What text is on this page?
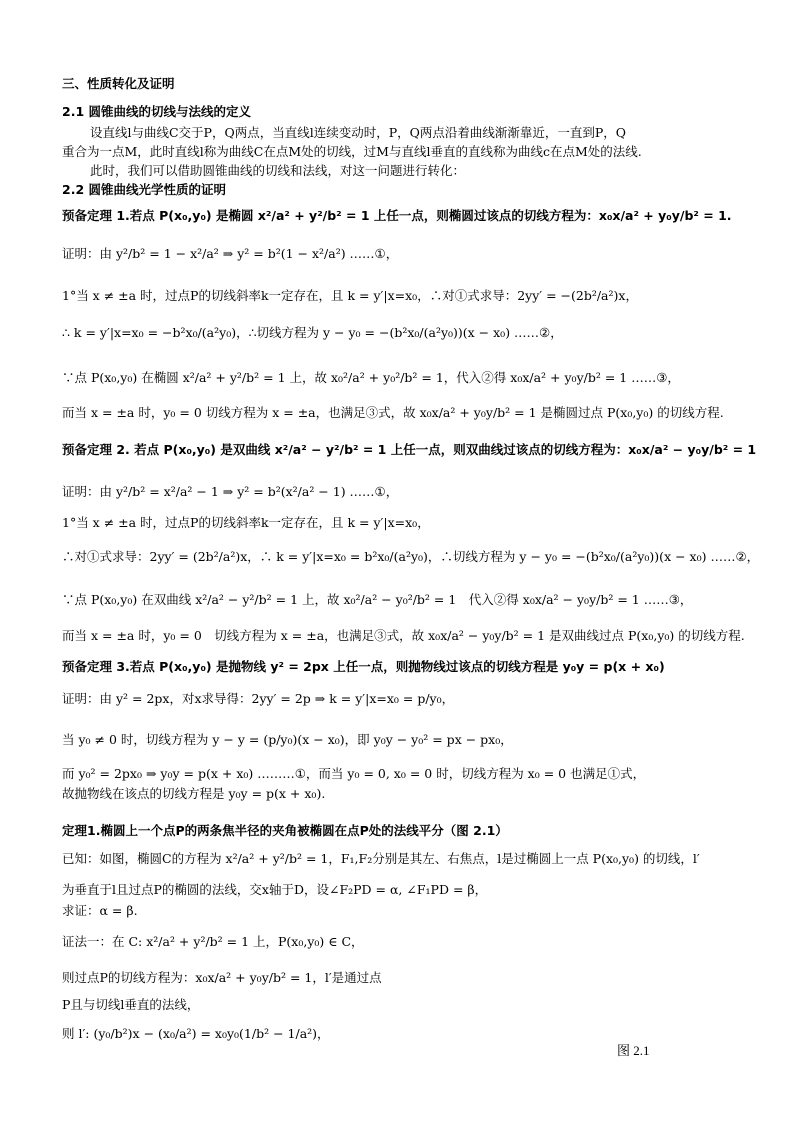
三、性质转化及证明
2.1 圆锥曲线的切线与法线的定义
设直线l与曲线C交于P，Q两点，当直线l连续变动时，P，Q两点沿着曲线渐渐靠近，一直到P，Q
重合为一点M，此时直线l称为曲线C在点M处的切线，过M与直线l垂直的直线称为曲线c在点M处的法线.
此时，我们可以借助圆锥曲线的切线和法线，对这一问题进行转化：
2.2 圆锥曲线光学性质的证明
预备定理 1.若点 P(x₀,y₀) 是椭圆 x²/a² + y²/b² = 1 上任一点，则椭圆过该点的切线方程为：x₀x/a² + y₀y/b² = 1.
证明：由 y²/b² = 1 − x²/a² ⇒ y² = b²(1 − x²/a²) ……①，
1°当 x ≠ ±a 时，过点P的切线斜率k一定存在，且 k = y′|x=x₀，∴对①式求导：2yy′ = −(2b²/a²)x，
∴ k = y′|x=x₀ = −b²x₀/(a²y₀)，∴切线方程为 y − y₀ = −(b²x₀/(a²y₀))(x − x₀) ……②，
∵点 P(x₀,y₀) 在椭圆 x²/a² + y²/b² = 1 上，故 x₀²/a² + y₀²/b² = 1，代入②得 x₀x/a² + y₀y/b² = 1 ……③，
而当 x = ±a 时，y₀ = 0 切线方程为 x = ±a，也满足③式，故 x₀x/a² + y₀y/b² = 1 是椭圆过点 P(x₀,y₀) 的切线方程.
预备定理 2. 若点 P(x₀,y₀) 是双曲线 x²/a² − y²/b² = 1 上任一点，则双曲线过该点的切线方程为：x₀x/a² − y₀y/b² = 1
证明：由 y²/b² = x²/a² − 1 ⇒ y² = b²(x²/a² − 1) ……①，
1°当 x ≠ ±a 时，过点P的切线斜率k一定存在，且 k = y′|x=x₀，
∴对①式求导：2yy′ = (2b²/a²)x，∴ k = y′|x=x₀ = b²x₀/(a²y₀)，∴切线方程为 y − y₀ = −(b²x₀/(a²y₀))(x − x₀) ……②，
∵点 P(x₀,y₀) 在双曲线 x²/a² − y²/b² = 1 上，故 x₀²/a² − y₀²/b² = 1　代入②得 x₀x/a² − y₀y/b² = 1 ……③，
而当 x = ±a 时，y₀ = 0　切线方程为 x = ±a，也满足③式，故 x₀x/a² − y₀y/b² = 1 是双曲线过点 P(x₀,y₀) 的切线方程.
预备定理 3.若点 P(x₀,y₀) 是抛物线 y² = 2px 上任一点，则抛物线过该点的切线方程是 y₀y = p(x + x₀)
证明：由 y² = 2px，对x求导得：2yy′ = 2p ⇒ k = y′|x=x₀ = p/y₀，
当 y₀ ≠ 0 时，切线方程为 y − y = (p/y₀)(x − x₀)，即 y₀y − y₀² = px − px₀，
而 y₀² = 2px₀ ⇒ y₀y = p(x + x₀) ………①，而当 y₀ = 0, x₀ = 0 时，切线方程为 x₀ = 0 也满足①式，
故抛物线在该点的切线方程是 y₀y = p(x + x₀).
定理1.椭圆上一个点P的两条焦半径的夹角被椭圆在点P处的法线平分（图 2.1）
已知：如图，椭圆C的方程为 x²/a² + y²/b² = 1，F₁,F₂分别是其左、右焦点，l是过椭圆上一点 P(x₀,y₀) 的切线，l′
为垂直于l且过点P的椭圆的法线，交x轴于D，设∠F₂PD = α, ∠F₁PD = β，
求证：α = β.
证法一：在 C: x²/a² + y²/b² = 1 上，P(x₀,y₀) ∈ C，
则过点P的切线方程为：x₀x/a² + y₀y/b² = 1，l′是通过点
P且与切线l垂直的法线，
则 l′: (y₀/b²)x − (x₀/a²) = x₀y₀(1/b² − 1/a²)，
图 2.1
